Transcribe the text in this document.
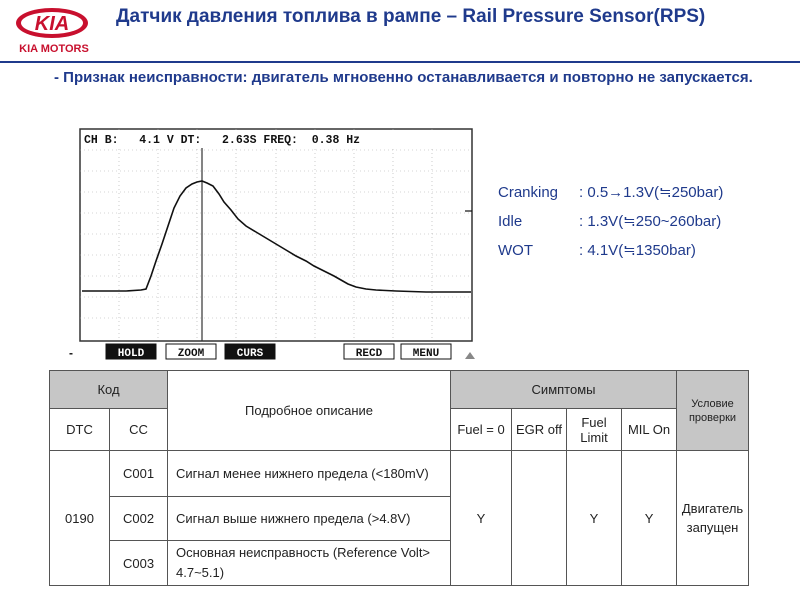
KIA
KIA MOTORS
Датчик давления топлива в рампе – Rail Pressure Sensor(RPS)
- Признак неисправности: двигатель мгновенно останавливается и повторно не запускается.
CH B:   4.1 V DT:   2.63S FREQ:  0.38 Hz
-	HOLD	ZOOM	CURS	RECD	MENU
Cranking : 0.5→1.3V(≒250bar)
Idle	: 1.3V(≒250~260bar)
WOT	: 4.1V(≒1350bar)
Код		Подробное описание	Симптомы				Условие проверки
DTC	CC		Fuel = 0	EGR off	Fuel Limit	MIL On	
0190	C001	Сигнал менее нижнего предела (<180mV)	Y		Y	Y	Двигатель запущен
	C002	Сигнал выше нижнего предела (>4.8V)					
	C003	Основная неисправность (Reference Volt> 4.7~5.1)					
